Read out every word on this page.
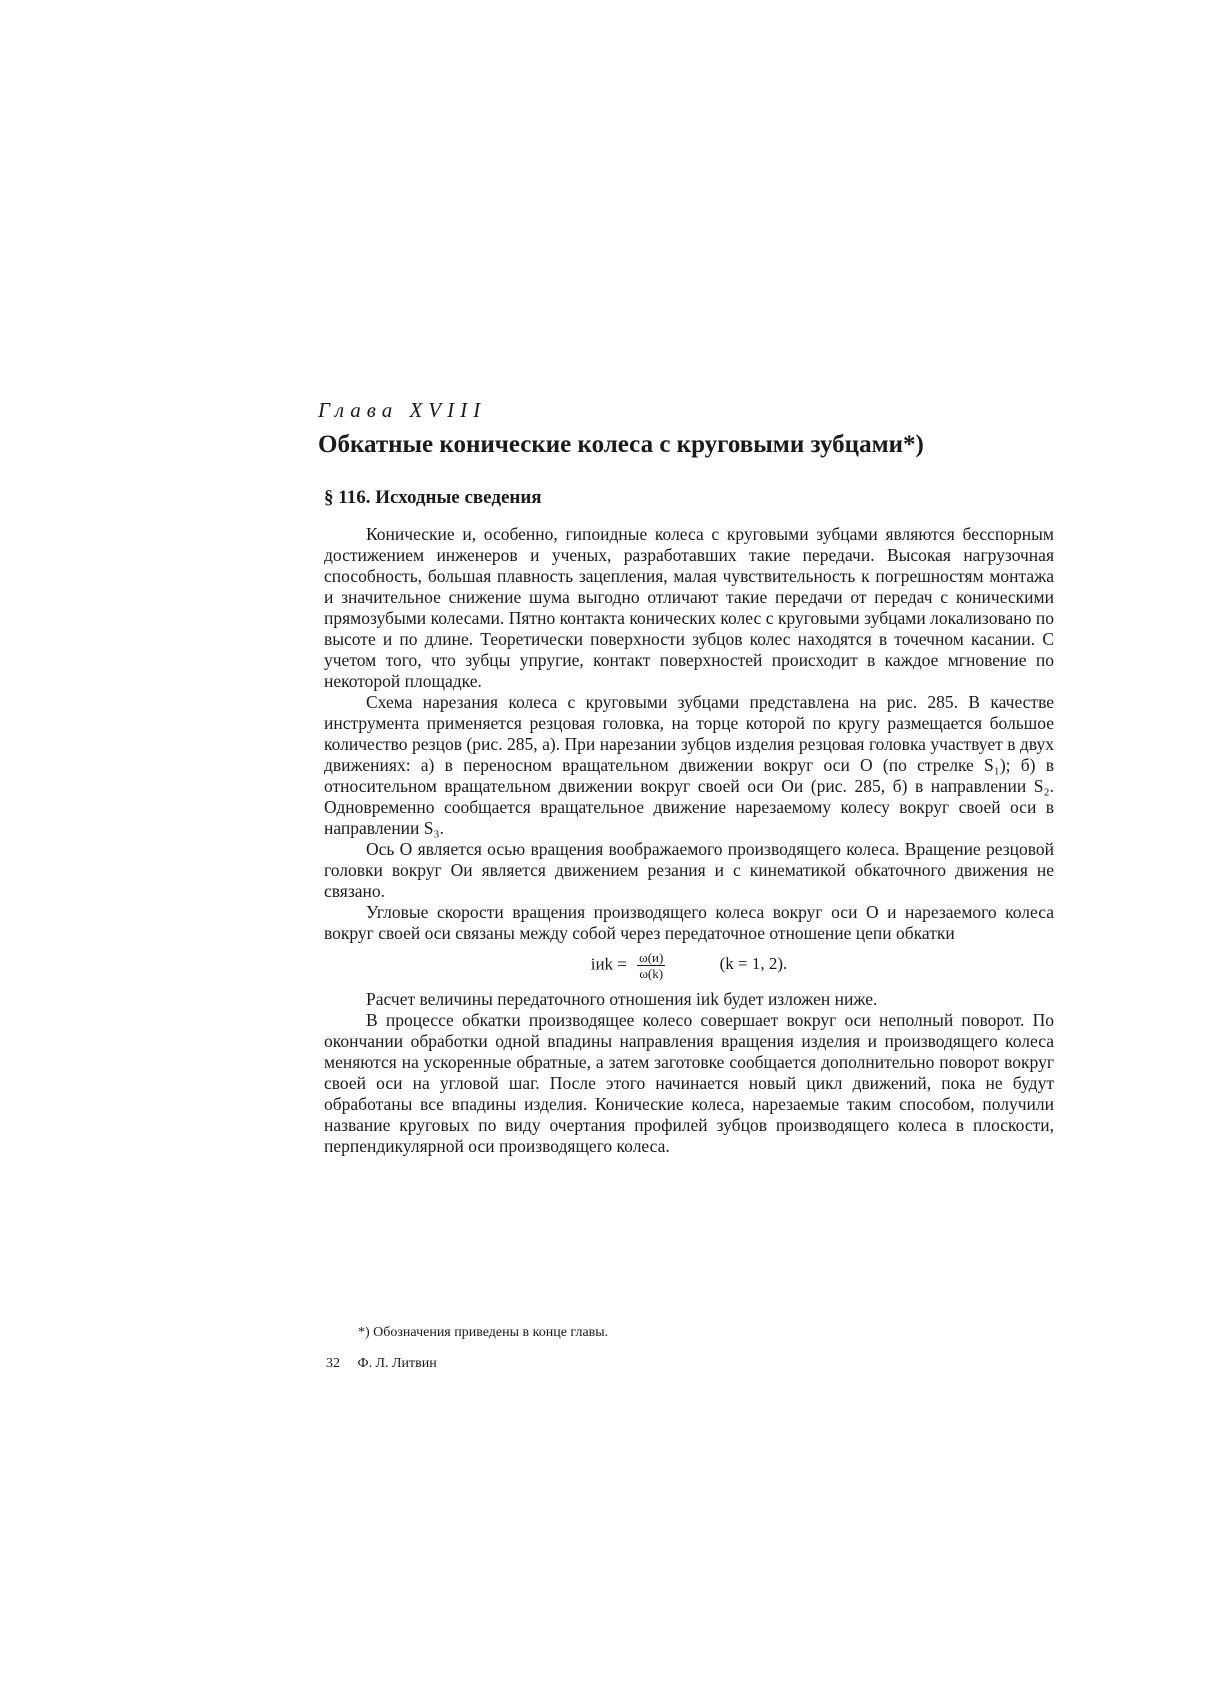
Глава XVIII
Обкатные конические колеса с круговыми зубцами*)
§ 116. Исходные сведения

Конические и, особенно, гипоидные колеса с круговыми зубцами являются бесспорным достижением инженеров и ученых, разработавших такие передачи. Высокая нагрузочная способность, большая плавность зацепления, малая чувствительность к погрешностям монтажа и значительное снижение шума выгодно отличают такие передачи от передач с коническими прямозубыми колесами. Пятно контакта конических колес с круговыми зубцами локализовано по высоте и по длине. Теоретически поверхности зубцов колес находятся в точечном касании. С учетом того, что зубцы упругие, контакт поверхностей происходит в каждое мгновение по некоторой площадке.

Схема нарезания колеса с круговыми зубцами представлена на рис. 285. В качестве инструмента применяется резцовая головка, на торце которой по кругу размещается большое количество резцов (рис. 285, а). При нарезании зубцов изделия резцовая головка участвует в двух движениях: а) в переносном вращательном движении вокруг оси O (по стрелке S₁); б) в относительном вращательном движении вокруг своей оси Oи (рис. 285, б) в направлении S₂. Одновременно сообщается вращательное движение нарезаемому колесу вокруг своей оси в направлении S₃.

Ось O является осью вращения воображаемого производящего колеса. Вращение резцовой головки вокруг Oи является движением резания и с кинематикой обкаточного движения не связано.

Угловые скорости вращения производящего колеса вокруг оси O и нарезаемого колеса вокруг своей оси связаны между собой через передаточное отношение цепи обкатки

iиk = $\frac{\omega(и)}{\omega(k)}$	(k = 1, 2).

Расчет величины передаточного отношения iиk будет изложен ниже.

В процессе обкатки производящее колесо совершает вокруг оси неполный поворот. По окончании обработки одной впадины направления вращения изделия и производящего колеса меняются на ускоренные обратные, а затем заготовке сообщается дополнительно поворот вокруг своей оси на угловой шаг. После этого начинается новый цикл движений, пока не будут обработаны все впадины изделия. Конические колеса, нарезаемые таким способом, получили название круговых по виду очертания профилей зубцов производящего колеса в плоскости, перпендикулярной оси производящего колеса.

*) Обозначения приведены в конце главы.
32 Ф. Л. Литвин
